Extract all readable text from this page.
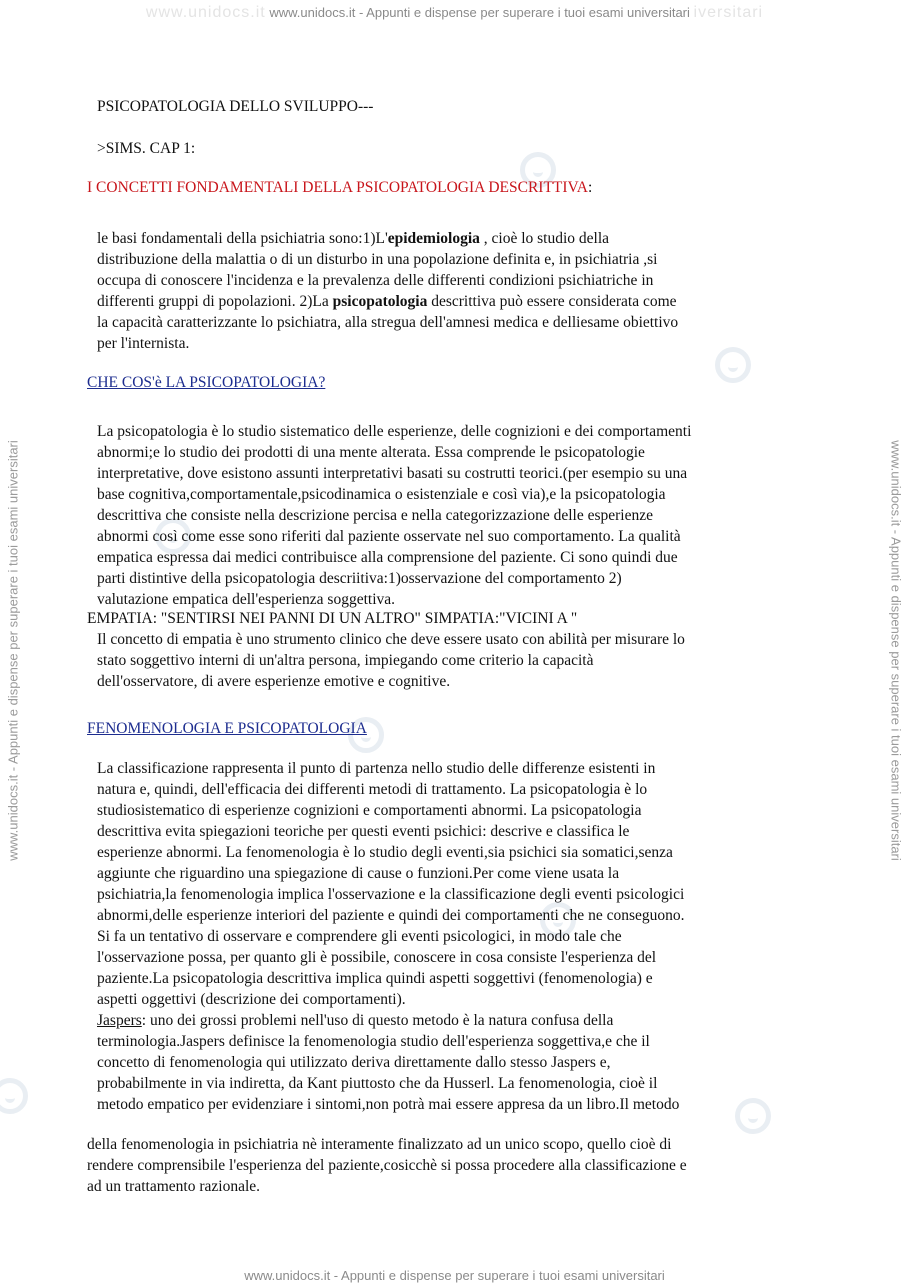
www.unidocs.it www.unidocs.it - Appunti e dispense per superare i tuoi esami universitari iversitari
www.unidocs.it - Appunti e dispense per superare i tuoi esami universitari	www.unidocs.it - Appunti e dispense per superare i tuoi esami universitari

PSICOPATOLOGIA DELLO SVILUPPO---

>SIMS. CAP 1:

I CONCETTI FONDAMENTALI DELLA PSICOPATOLOGIA DESCRITTIVA:

le basi fondamentali della psichiatria sono:1)L'epidemiologia , cioè lo studio della

distribuzione della malattia o di un disturbo in una popolazione definita e, in psichiatria ,si

occupa di conoscere l'incidenza e la prevalenza delle differenti condizioni psichiatriche in

differenti gruppi di popolazioni. 2)La psicopatologia descrittiva può essere considerata come

la capacità caratterizzante lo psichiatra, alla stregua dell'amnesi medica e delliesame obiettivo

per l'internista.

CHE COS'è LA PSICOPATOLOGIA?

La psicopatologia è lo studio sistematico delle esperienze, delle cognizioni e dei comportamenti

abnormi;e lo studio dei prodotti di una mente alterata. Essa comprende le psicopatologie

interpretative, dove esistono assunti interpretativi basati su costrutti teorici.(per esempio su una

base cognitiva,comportamentale,psicodinamica o esistenziale e così via),e la psicopatologia

descrittiva che consiste nella descrizione percisa e nella categorizzazione delle esperienze

abnormi così come esse sono riferiti dal paziente osservate nel suo comportamento. La qualità

empatica espressa dai medici contribuisce alla comprensione del paziente. Ci sono quindi due

parti distintive della psicopatologia descriitiva:1)osservazione del comportamento 2)

valutazione empatica dell'esperienza soggettiva.

EMPATIA: "SENTIRSI NEI PANNI DI UN ALTRO" SIMPATIA:"VICINI A "

Il concetto di empatia è uno strumento clinico che deve essere usato con abilità per misurare lo

stato soggettivo interni di un'altra persona, impiegando come criterio la capacità

dell'osservatore, di avere esperienze emotive e cognitive.

FENOMENOLOGIA E PSICOPATOLOGIA

La classificazione rappresenta il punto di partenza nello studio delle differenze esistenti in

natura e, quindi, dell'efficacia dei differenti metodi di trattamento. La psicopatologia è lo

studiosistematico di esperienze cognizioni e comportamenti abnormi. La psicopatologia

descrittiva evita spiegazioni teoriche per questi eventi psichici: descrive e classifica le

esperienze abnormi. La fenomenologia è lo studio degli eventi,sia psichici sia somatici,senza

aggiunte che riguardino una spiegazione di cause o funzioni.Per come viene usata la

psichiatria,la fenomenologia implica l'osservazione e la classificazione degli eventi psicologici

abnormi,delle esperienze interiori del paziente e quindi dei comportamenti che ne conseguono.

Si fa un tentativo di osservare e comprendere gli eventi psicologici, in modo tale che

l'osservazione possa, per quanto gli è possibile, conoscere in cosa consiste l'esperienza del

paziente.La psicopatologia descrittiva implica quindi aspetti soggettivi (fenomenologia) e

aspetti oggettivi (descrizione dei comportamenti).

Jaspers: uno dei grossi problemi nell'uso di questo metodo è la natura confusa della

terminologia.Jaspers definisce la fenomenologia studio dell'esperienza soggettiva,e che il

concetto di fenomenologia qui utilizzato deriva direttamente dallo stesso Jaspers e,

probabilmente in via indiretta, da Kant piuttosto che da Husserl. La fenomenologia, cioè il

metodo empatico per evidenziare i sintomi,non potrà mai essere appresa da un libro.Il metodo

della fenomenologia in psichiatria nè interamente finalizzato ad un unico scopo, quello cioè di

rendere comprensibile l'esperienza del paziente,cosicchè si possa procedere alla classificazione e

ad un trattamento razionale.

www.unidocs.it - Appunti e dispense per superare i tuoi esami universitari
